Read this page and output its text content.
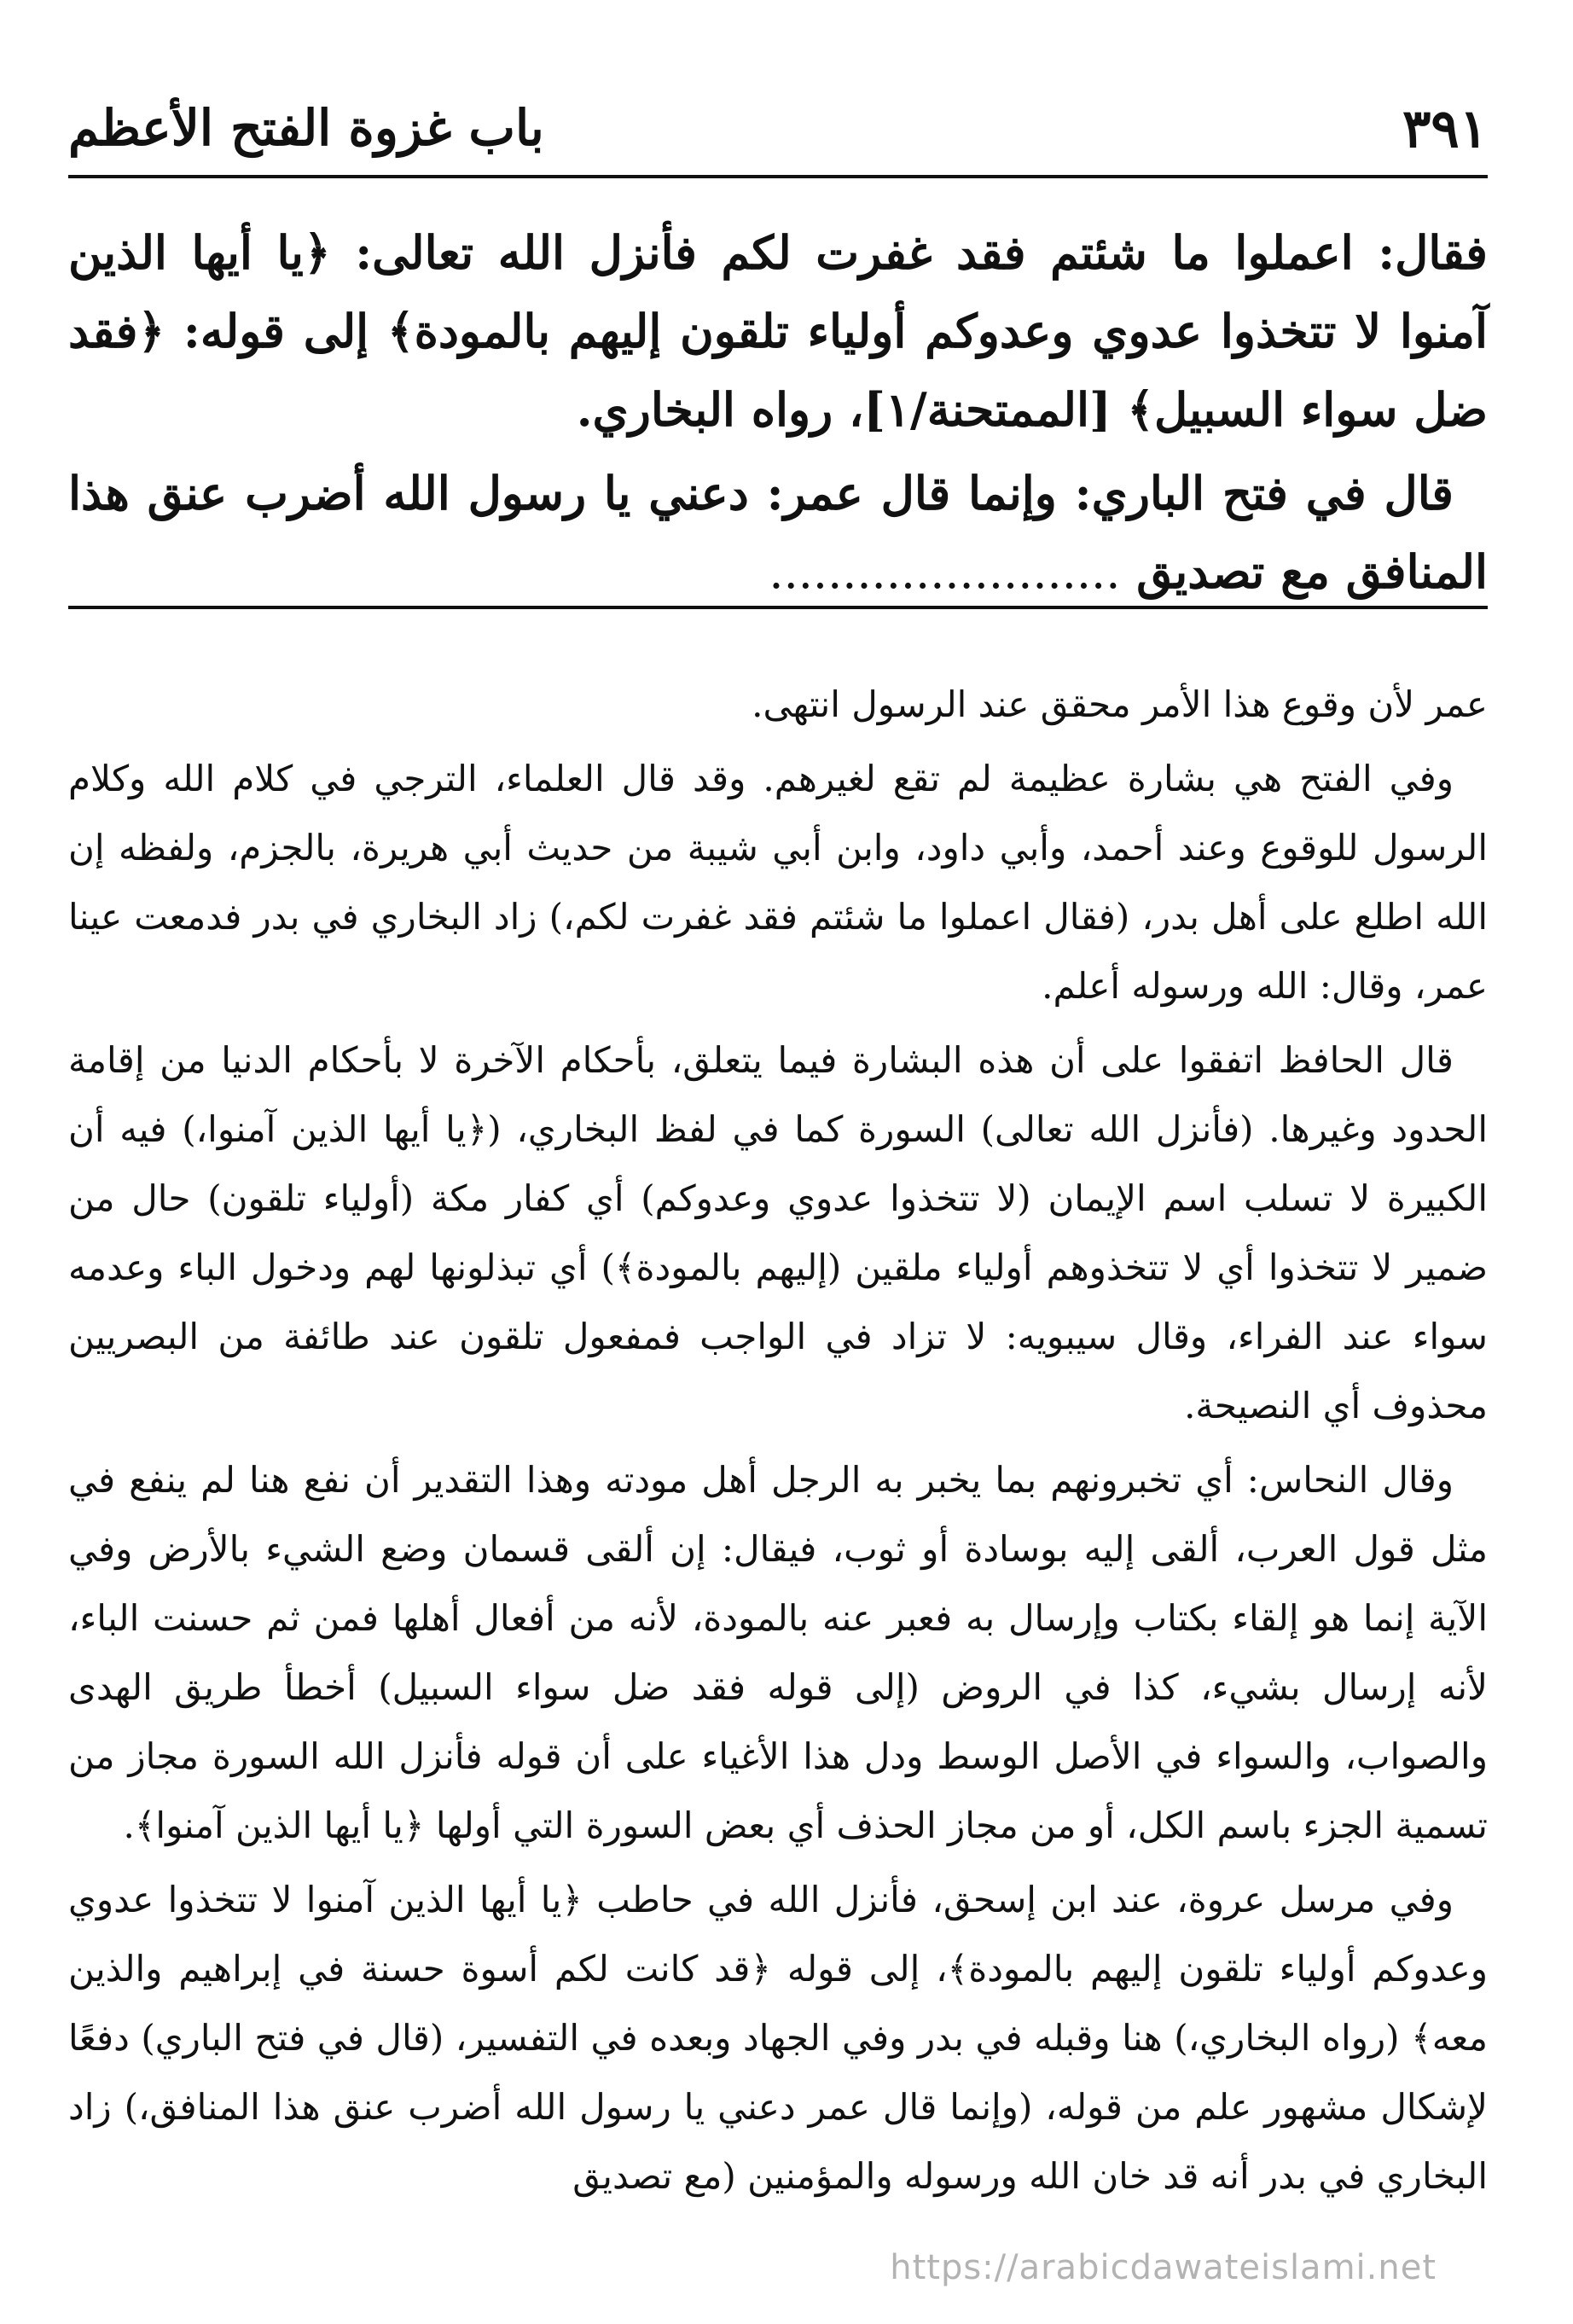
باب غزوة الفتح الأعظم	٣٩١

فقال: اعملوا ما شئتم فقد غفرت لكم فأنزل الله تعالى: ﴿يا أيها الذين آمنوا لا تتخذوا عدوي وعدوكم أولياء تلقون إليهم بالمودة﴾ إلى قوله: ﴿فقد ضل سواء السبيل﴾ [الممتحنة/١]، رواه البخاري.

قال في فتح الباري: وإنما قال عمر: دعني يا رسول الله أضرب عنق هذا المنافق مع تصديق ........................

عمر لأن وقوع هذا الأمر محقق عند الرسول انتهى.

وفي الفتح هي بشارة عظيمة لم تقع لغيرهم. وقد قال العلماء، الترجي في كلام الله وكلام الرسول للوقوع وعند أحمد، وأبي داود، وابن أبي شيبة من حديث أبي هريرة، بالجزم، ولفظه إن الله اطلع على أهل بدر، (فقال اعملوا ما شئتم فقد غفرت لكم،) زاد البخاري في بدر فدمعت عينا عمر، وقال: الله ورسوله أعلم.

قال الحافظ اتفقوا على أن هذه البشارة فيما يتعلق، بأحكام الآخرة لا بأحكام الدنيا من إقامة الحدود وغيرها. (فأنزل الله تعالى) السورة كما في لفظ البخاري، (﴿يا أيها الذين آمنوا،) فيه أن الكبيرة لا تسلب اسم الإيمان (لا تتخذوا عدوي وعدوكم) أي كفار مكة (أولياء تلقون) حال من ضمير لا تتخذوا أي لا تتخذوهم أولياء ملقين (إليهم بالمودة﴾) أي تبذلونها لهم ودخول الباء وعدمه سواء عند الفراء، وقال سيبويه: لا تزاد في الواجب فمفعول تلقون عند طائفة من البصريين محذوف أي النصيحة.

وقال النحاس: أي تخبرونهم بما يخبر به الرجل أهل مودته وهذا التقدير أن نفع هنا لم ينفع في مثل قول العرب، ألقى إليه بوسادة أو ثوب، فيقال: إن ألقى قسمان وضع الشيء بالأرض وفي الآية إنما هو إلقاء بكتاب وإرسال به فعبر عنه بالمودة، لأنه من أفعال أهلها فمن ثم حسنت الباء، لأنه إرسال بشيء، كذا في الروض (إلى قوله فقد ضل سواء السبيل) أخطأ طريق الهدى والصواب، والسواء في الأصل الوسط ودل هذا الأغياء على أن قوله فأنزل الله السورة مجاز من تسمية الجزء باسم الكل، أو من مجاز الحذف أي بعض السورة التي أولها ﴿يا أيها الذين آمنوا﴾.

وفي مرسل عروة، عند ابن إسحق، فأنزل الله في حاطب ﴿يا أيها الذين آمنوا لا تتخذوا عدوي وعدوكم أولياء تلقون إليهم بالمودة﴾، إلى قوله ﴿قد كانت لكم أسوة حسنة في إبراهيم والذين معه﴾ (رواه البخاري،) هنا وقبله في بدر وفي الجهاد وبعده في التفسير، (قال في فتح الباري) دفعًا لإشكال مشهور علم من قوله، (وإنما قال عمر دعني يا رسول الله أضرب عنق هذا المنافق،) زاد البخاري في بدر أنه قد خان الله ورسوله والمؤمنين (مع تصديق

https://arabicdawateislami.net
